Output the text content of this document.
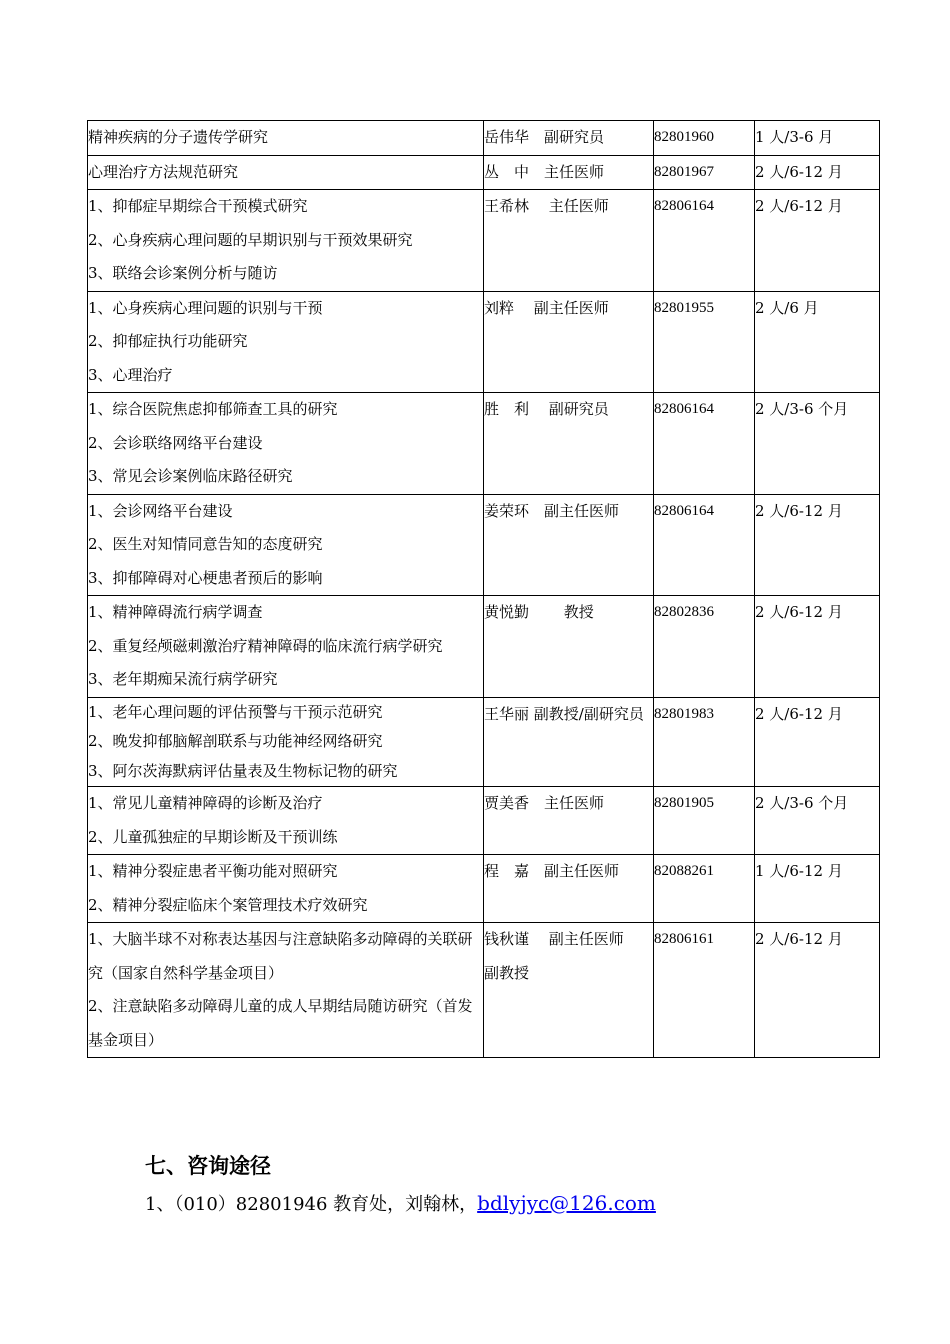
精神疾病的分子遗传学研究	岳伟华　副研究员	82801960	1 人/3-6 月

心理治疗方法规范研究	丛　中　主任医师	82801967	2 人/6-12 月

1、抑郁症早期综合干预模式研究
2、心身疾病心理问题的早期识别与干预效果研究
3、联络会诊案例分析与随访	王希林　 主任医师	82806164	2 人/6-12 月

1、心身疾病心理问题的识别与干预
2、抑郁症执行功能研究
3、心理治疗	刘粹　 副主任医师	82801955	2 人/6 月

1、综合医院焦虑抑郁筛查工具的研究
2、会诊联络网络平台建设
3、常见会诊案例临床路径研究	胜　利　 副研究员	82806164	2 人/3-6 个月

1、会诊网络平台建设
2、医生对知情同意告知的态度研究
3、抑郁障碍对心梗患者预后的影响	姜荣环　副主任医师	82806164	2 人/6-12 月

1、精神障碍流行病学调查
2、重复经颅磁刺激治疗精神障碍的临床流行病学研究
3、老年期痴呆流行病学研究	黄悦勤　　 教授	82802836	2 人/6-12 月

1、老年心理问题的评估预警与干预示范研究
2、晚发抑郁脑解剖联系与功能神经网络研究
3、阿尔茨海默病评估量表及生物标记物的研究	王华丽 副教授/副研究员	82801983	2 人/6-12 月

1、常见儿童精神障碍的诊断及治疗
2、儿童孤独症的早期诊断及干预训练	贾美香　主任医师	82801905	2 人/3-6 个月

1、精神分裂症患者平衡功能对照研究
2、精神分裂症临床个案管理技术疗效研究	程　嘉　副主任医师	82088261	1 人/6-12 月

1、大脑半球不对称表达基因与注意缺陷多动障碍的关联研究（国家自然科学基金项目）
2、注意缺陷多动障碍儿童的成人早期结局随访研究（首发基金项目）	钱秋谨　 副主任医师　副教授	82806161	2 人/6-12 月
七、咨询途径
1、（010）82801946 教育处，刘翰林，bdlyjyc@126.com
